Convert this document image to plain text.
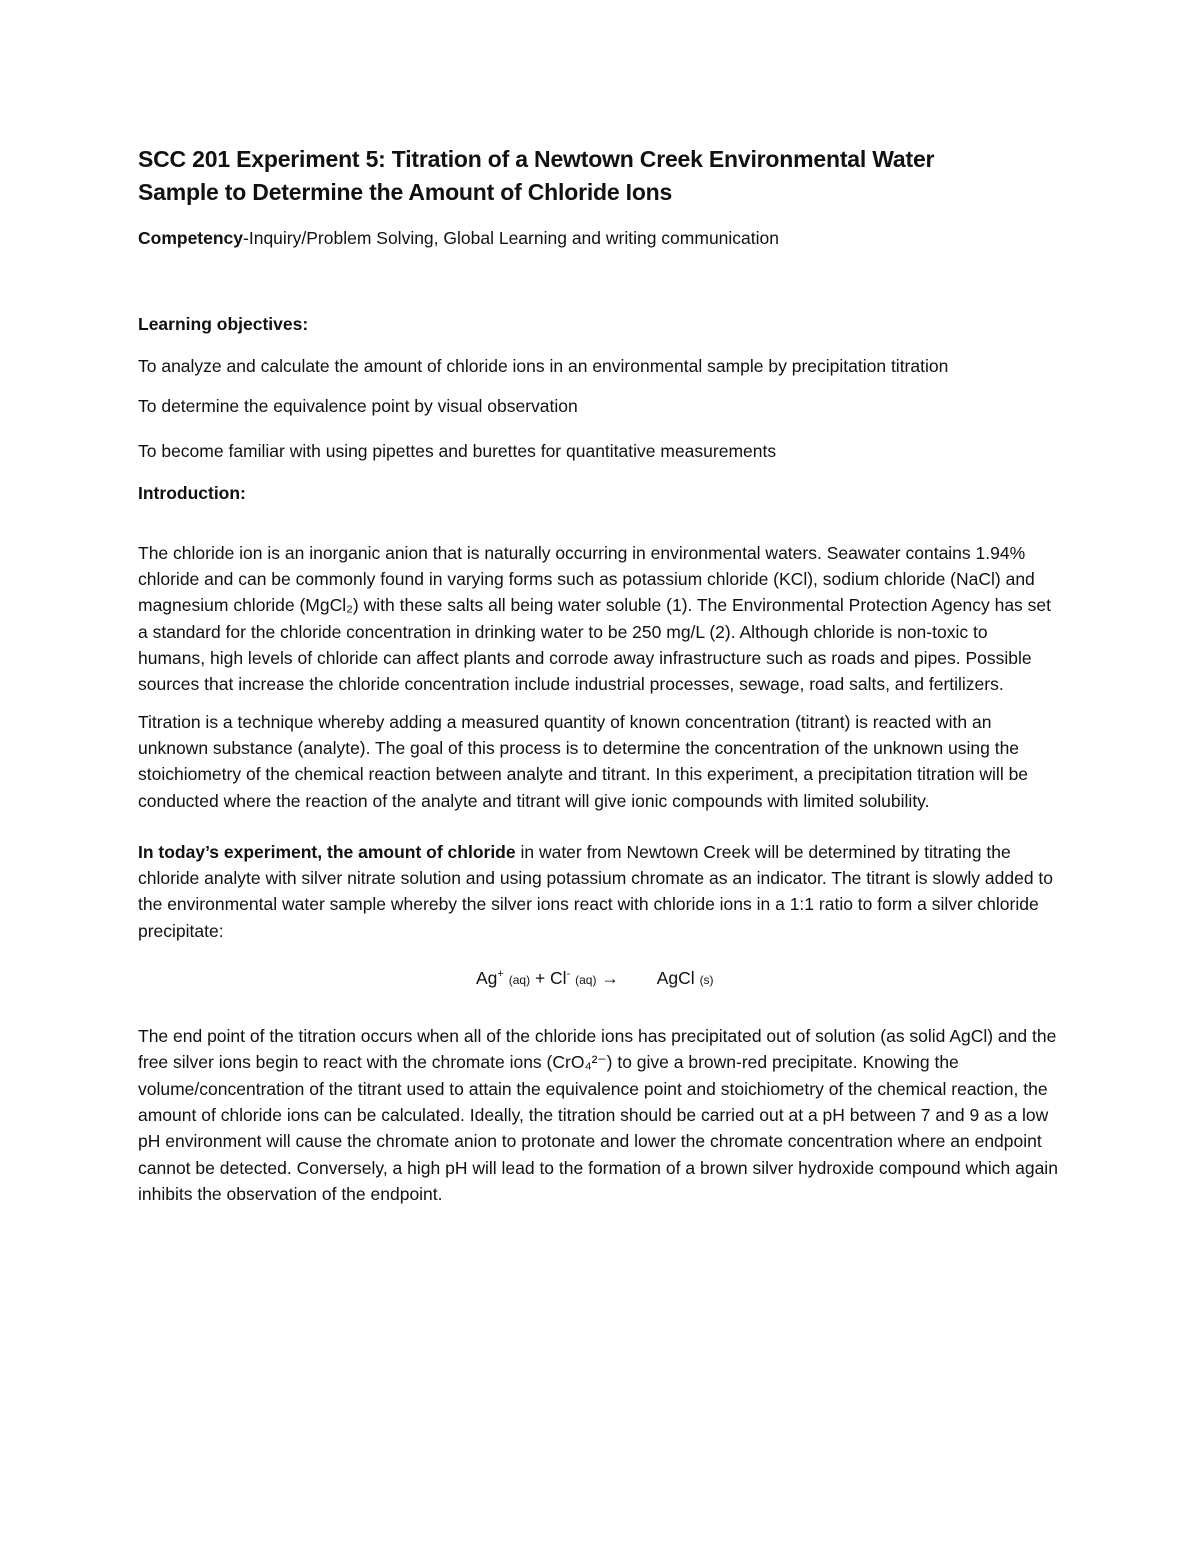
SCC 201 Experiment 5: Titration of a Newtown Creek Environmental Water
Sample to Determine the Amount of Chloride Ions
Competency-Inquiry/Problem Solving, Global Learning and writing communication
Learning objectives:

To analyze and calculate the amount of chloride ions in an environmental sample by precipitation titration

To determine the equivalence point by visual observation

To become familiar with using pipettes and burettes for quantitative measurements

Introduction:

The chloride ion is an inorganic anion that is naturally occurring in environmental waters. Seawater contains 1.94% chloride and can be commonly found in varying forms such as potassium chloride (KCl), sodium chloride (NaCl) and magnesium chloride (MgCl₂) with these salts all being water soluble (1). The Environmental Protection Agency has set a standard for the chloride concentration in drinking water to be 250 mg/L (2). Although chloride is non-toxic to humans, high levels of chloride can affect plants and corrode away infrastructure such as roads and pipes. Possible sources that increase the chloride concentration include industrial processes, sewage, road salts, and fertilizers.

Titration is a technique whereby adding a measured quantity of known concentration (titrant) is reacted with an unknown substance (analyte). The goal of this process is to determine the concentration of the unknown using the stoichiometry of the chemical reaction between analyte and titrant. In this experiment, a precipitation titration will be conducted where the reaction of the analyte and titrant will give ionic compounds with limited solubility.

In today’s experiment, the amount of chloride in water from Newtown Creek will be determined by titrating the chloride analyte with silver nitrate solution and using potassium chromate as an indicator. The titrant is slowly added to the environmental water sample whereby the silver ions react with chloride ions in a 1:1 ratio to form a silver chloride precipitate:

Ag+ (aq) + Cl- (aq) → AgCl (s)

The end point of the titration occurs when all of the chloride ions has precipitated out of solution (as solid AgCl) and the free silver ions begin to react with the chromate ions (CrO₄²⁻) to give a brown-red precipitate. Knowing the volume/concentration of the titrant used to attain the equivalence point and stoichiometry of the chemical reaction, the amount of chloride ions can be calculated. Ideally, the titration should be carried out at a pH between 7 and 9 as a low pH environment will cause the chromate anion to protonate and lower the chromate concentration where an endpoint cannot be detected. Conversely, a high pH will lead to the formation of a brown silver hydroxide compound which again inhibits the observation of the endpoint.
